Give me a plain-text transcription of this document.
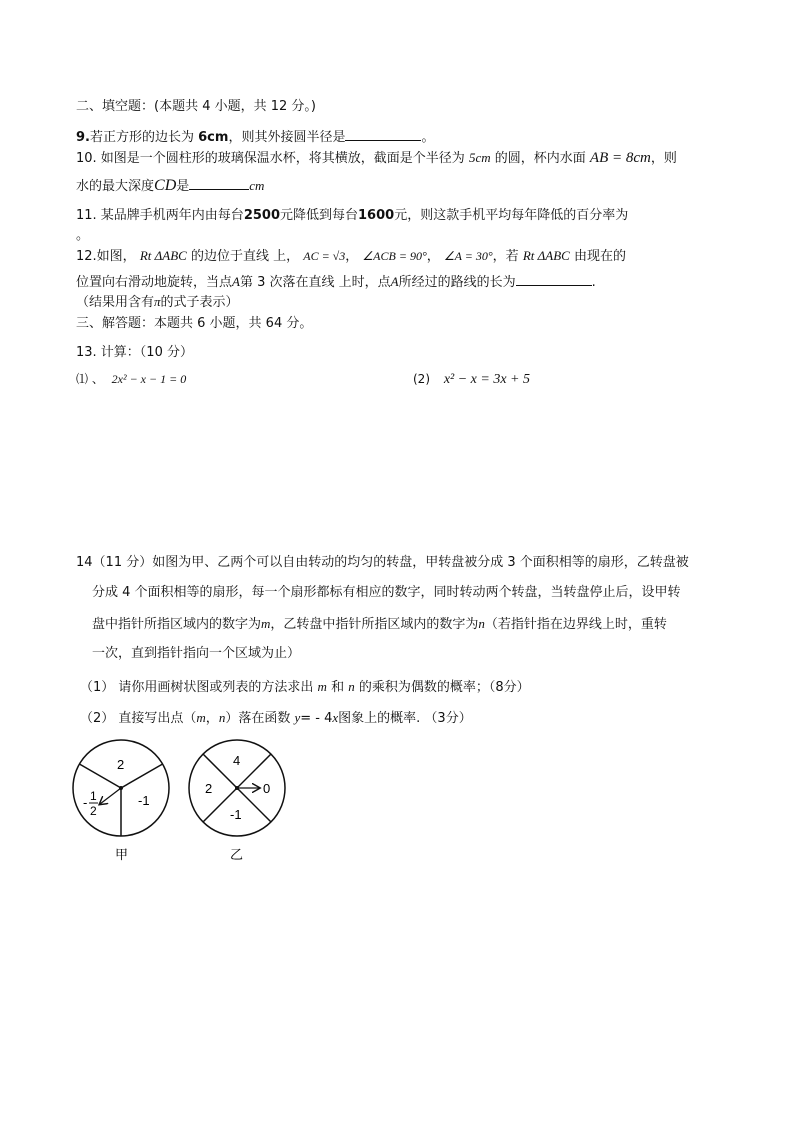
二、填空题：(本题共 4 小题，共 12 分。)
9.若正方形的边长为 6cm，则其外接圆半径是	。
10. 如图是一个圆柱形的玻璃保温水杯，将其横放，截面是个半径为 5cm 的圆，杯内水面 AB = 8cm，则
水的最大深度CD是	cm
11. 某品牌手机两年内由每台2500元降低到每台1600元，则这款手机平均每年降低的百分率为
。
12.如图， Rt ΔABC 的边位于直线 上， AC = √3， ∠ACB = 90°， ∠A = 30°，若 Rt ΔABC 由现在的
位置向右滑动地旋转，当点A第 3 次落在直线 上时，点A所经过的路线的长为	.
（结果用含有π的式子表示）
三、解答题：本题共 6 小题，共 64 分。
13. 计算：（10 分）
⑴ 、 2x² − x − 1 = 0	(2) x² − x = 3x + 5
14（11 分）如图为甲、乙两个可以自由转动的均匀的转盘，甲转盘被分成 3 个面积相等的扇形，乙转盘被
分成 4 个面积相等的扇形，每一个扇形都标有相应的数字，同时转动两个转盘，当转盘停止后，设甲转
盘中指针所指区域内的数字为m，乙转盘中指针所指区域内的数字为n（若指针指在边界线上时，重转
一次，直到指针指向一个区域为止）
（1） 请你用画树状图或列表的方法求出 m 和 n 的乘积为偶数的概率；（8分）
（2） 直接写出点（m，n）落在函数 y= - 4x图象上的概率. （3分）
2
-1
- 1
2
甲
4
2	0
-1
乙
